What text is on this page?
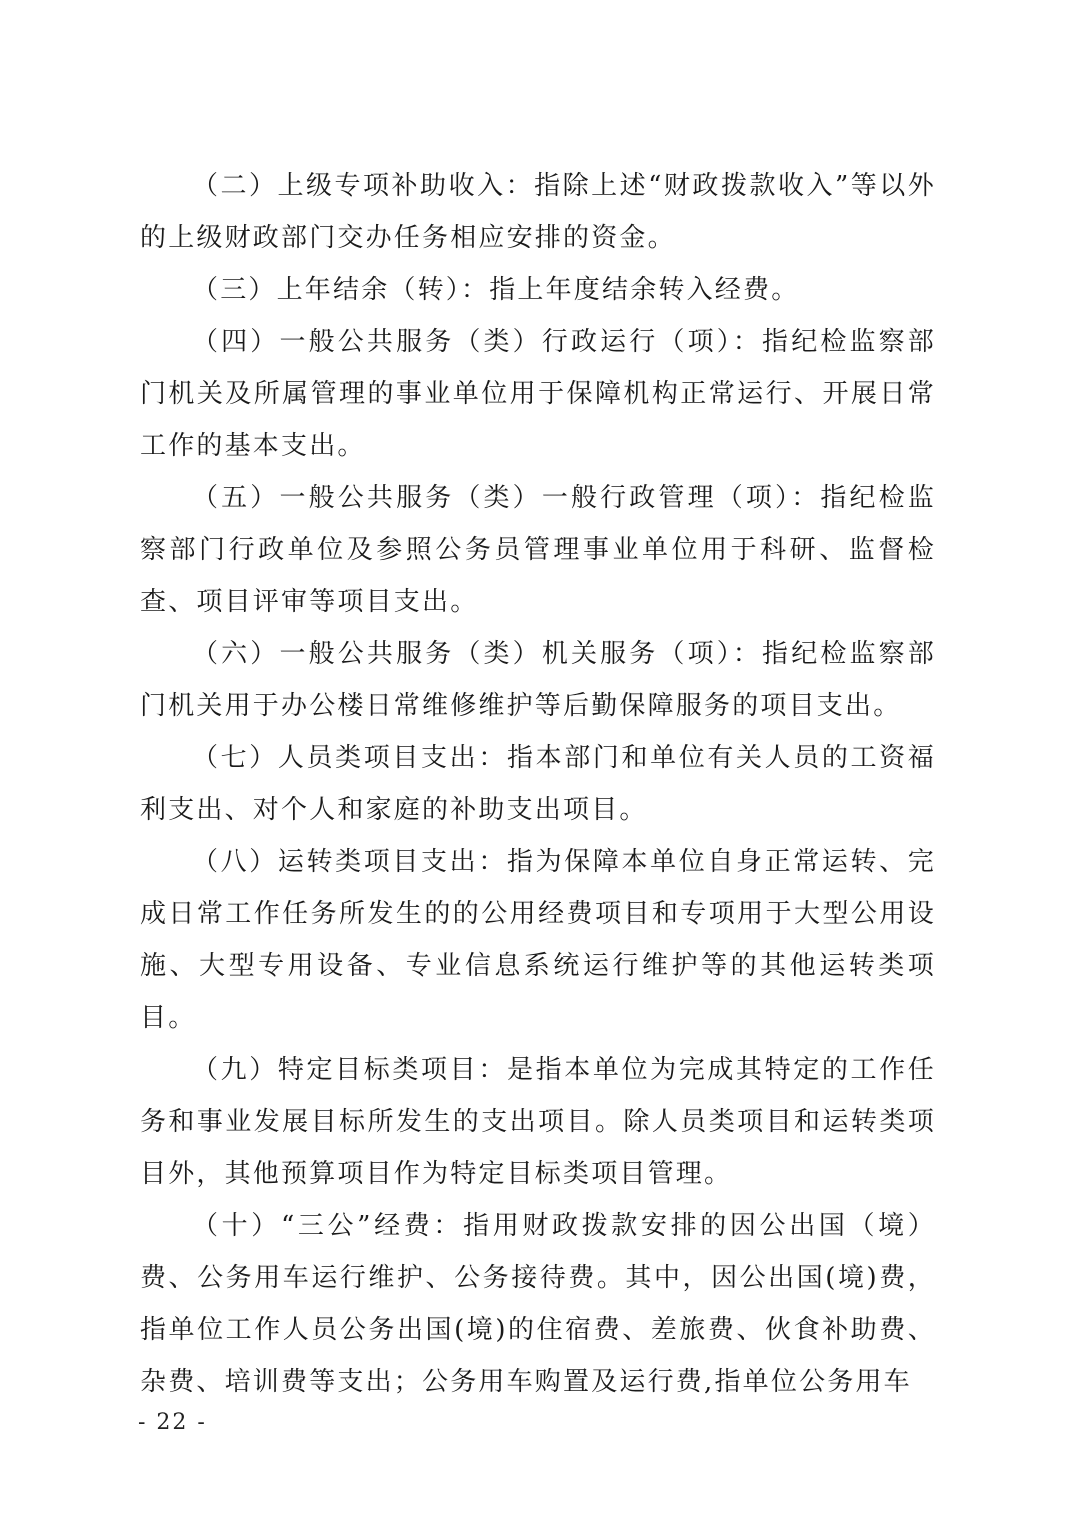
（二）上级专项补助收入：指除上述“财政拨款收入”等以外的上级财政部门交办任务相应安排的资金。

（三）上年结余（转）：指上年度结余转入经费。

（四）一般公共服务（类）行政运行（项）：指纪检监察部门机关及所属管理的事业单位用于保障机构正常运行、开展日常工作的基本支出。

（五）一般公共服务（类）一般行政管理（项）：指纪检监察部门行政单位及参照公务员管理事业单位用于科研、监督检查、项目评审等项目支出。

（六）一般公共服务（类）机关服务（项）：指纪检监察部门机关用于办公楼日常维修维护等后勤保障服务的项目支出。

（七）人员类项目支出：指本部门和单位有关人员的工资福利支出、对个人和家庭的补助支出项目。

（八）运转类项目支出：指为保障本单位自身正常运转、完成日常工作任务所发生的的公用经费项目和专项用于大型公用设施、大型专用设备、专业信息系统运行维护等的其他运转类项目。

（九）特定目标类项目：是指本单位为完成其特定的工作任务和事业发展目标所发生的支出项目。除人员类项目和运转类项目外，其他预算项目作为特定目标类项目管理。

（十）“三公”经费：指用财政拨款安排的因公出国（境）费、公务用车运行维护、公务接待费。其中，因公出国(境)费，指单位工作人员公务出国(境)的住宿费、差旅费、伙食补助费、杂费、培训费等支出；公务用车购置及运行费,指单位公务用车

- 22 -
